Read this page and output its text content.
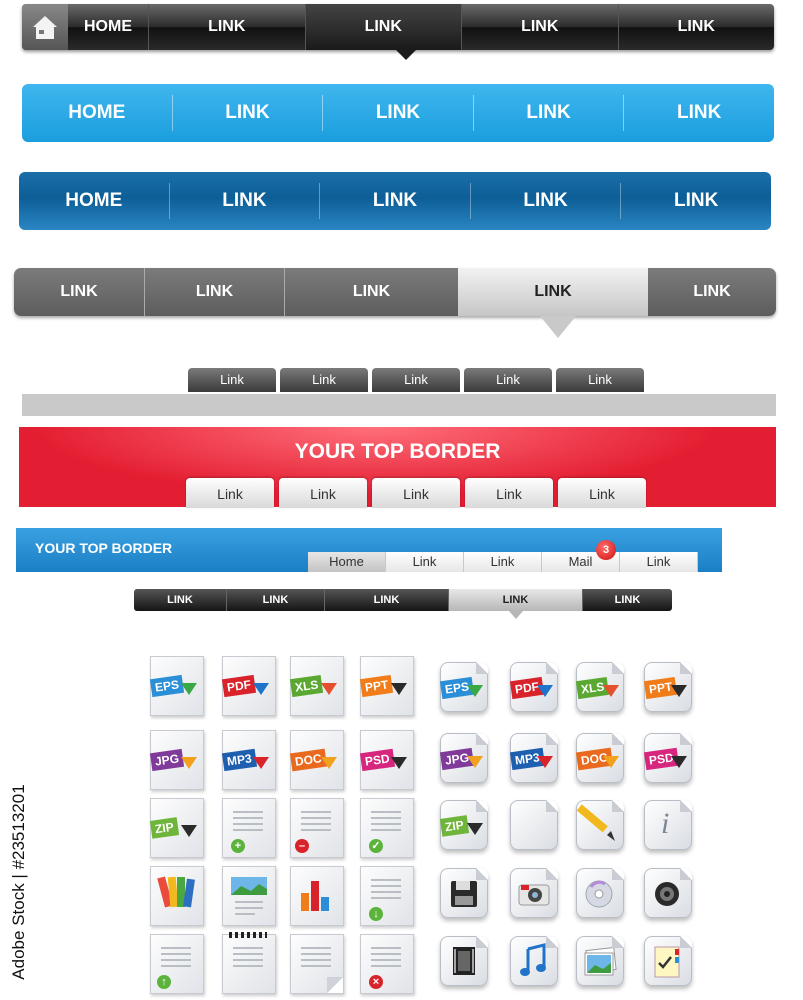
HOME	LINK	LINK	LINK	LINK
HOME	LINK	LINK	LINK	LINK
HOME	LINK	LINK	LINK	LINK
LINK	LINK	LINK	LINK	LINK
Link	Link	Link	Link	Link
YOUR TOP BORDER
Link	Link	Link	Link	Link
YOUR TOP BORDER
Home	Link	Link	Mail
3
Link
LINK	LINK	LINK	LINK	LINK
Adobe Stock | #23513201
EPS	PDF	XLS	PPT
JPG	MP3	DOC	PSD
ZIP
+	–	✓
↓
↑	×
EPS	PDF	XLS	PPT
JPG	MP3	DOC	PSD
ZIP	i
